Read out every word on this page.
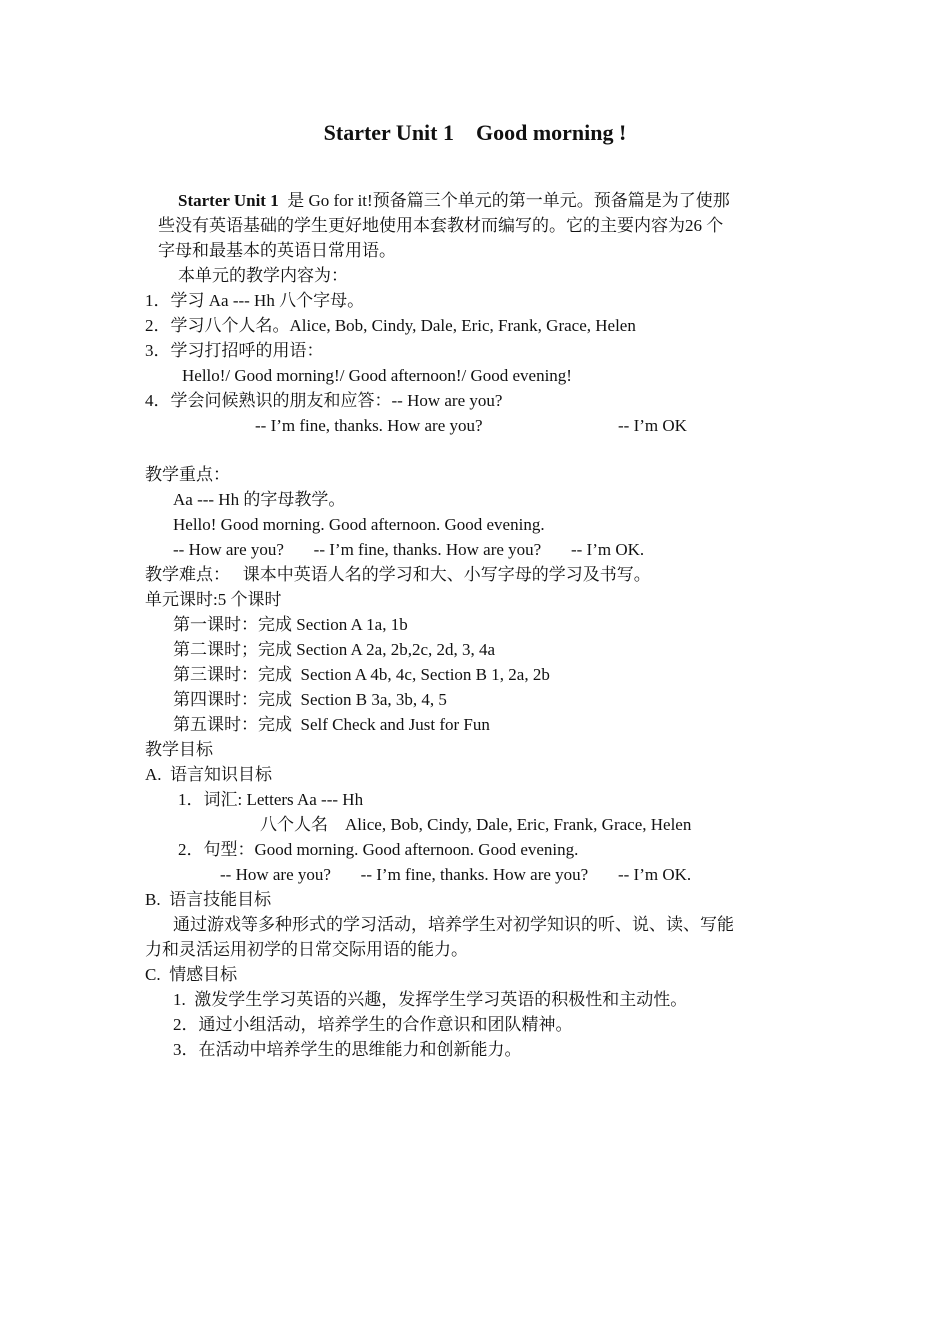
Starter Unit 1    Good morning !
Starter Unit 1  是 Go for it!预备篇三个单元的第一单元。预备篇是为了使那
些没有英语基础的学生更好地使用本套教材而编写的。它的主要内容为26 个
字母和最基本的英语日常用语。
本单元的教学内容为：
1．学习 Aa --- Hh 八个字母。
2．学习八个人名。Alice, Bob, Cindy, Dale, Eric, Frank, Grace, Helen
3．学习打招呼的用语：
Hello!/ Good morning!/ Good afternoon!/ Good evening!
4．学会问候熟识的朋友和应答：-- How are you?
-- I’m fine, thanks. How are you?	-- I’m OK
教学重点：
Aa --- Hh 的字母教学。
Hello! Good morning. Good afternoon. Good evening.
-- How are you?       -- I’m fine, thanks. How are you?       -- I’m OK.
教学难点：   课本中英语人名的学习和大、小写字母的学习及书写。
单元课时:5 个课时
第一课时：完成 Section A 1a, 1b
第二课时；完成 Section A 2a, 2b,2c, 2d, 3, 4a
第三课时：完成  Section A 4b, 4c, Section B 1, 2a, 2b
第四课时：完成  Section B 3a, 3b, 4, 5
第五课时：完成  Self Check and Just for Fun
教学目标
A.  语言知识目标
1．词汇: Letters Aa --- Hh
八个人名    Alice, Bob, Cindy, Dale, Eric, Frank, Grace, Helen
2．句型：Good morning. Good afternoon. Good evening.
-- How are you?       -- I’m fine, thanks. How are you?       -- I’m OK.
B.  语言技能目标
通过游戏等多种形式的学习活动，培养学生对初学知识的听、说、读、写能
力和灵活运用初学的日常交际用语的能力。
C.  情感目标
1.  激发学生学习英语的兴趣，发挥学生学习英语的积极性和主动性。
2．通过小组活动，培养学生的合作意识和团队精神。
3．在活动中培养学生的思维能力和创新能力。
